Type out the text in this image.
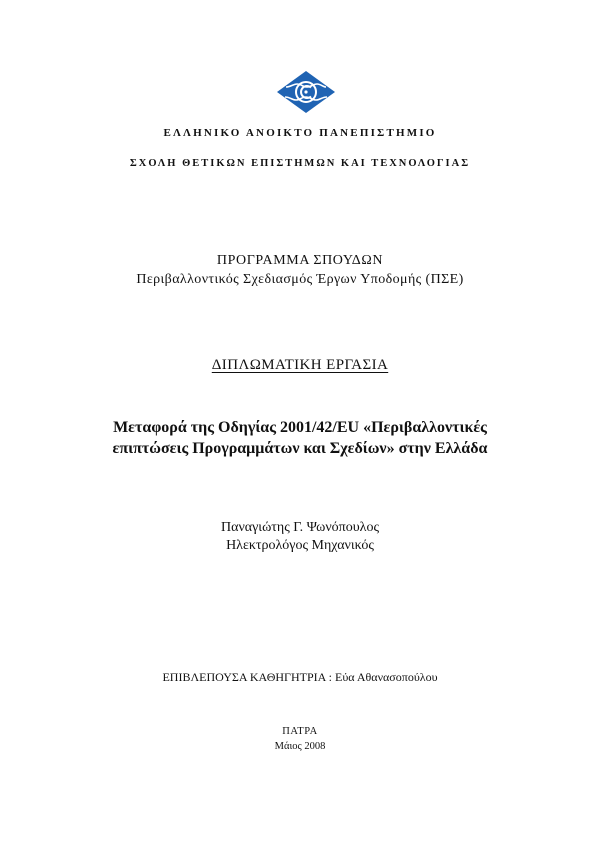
ΕΛΛΗΝΙΚΟ ΑΝΟΙΚΤΟ ΠΑΝΕΠΙΣΤΗΜΙΟ
ΣΧΟΛΗ ΘΕΤΙΚΩΝ ΕΠΙΣΤΗΜΩΝ ΚΑΙ ΤΕΧΝΟΛΟΓΙΑΣ
ΠΡΟΓΡΑΜΜΑ ΣΠΟΥΔΩΝ
Περιβαλλοντικός Σχεδιασμός Έργων Υποδομής (ΠΣΕ)
ΔΙΠΛΩΜΑΤΙΚΗ ΕΡΓΑΣΙΑ
Μεταφορά της Οδηγίας 2001/42/EU «Περιβαλλοντικές
επιπτώσεις Προγραμμάτων και Σχεδίων» στην Ελλάδα
Παναγιώτης Γ. Ψωνόπουλος
Ηλεκτρολόγος Μηχανικός
ΕΠΙΒΛΕΠΟΥΣΑ ΚΑΘΗΓΗΤΡΙΑ : Εύα Αθανασοπούλου
ΠΑΤΡΑ
Μάιος 2008
